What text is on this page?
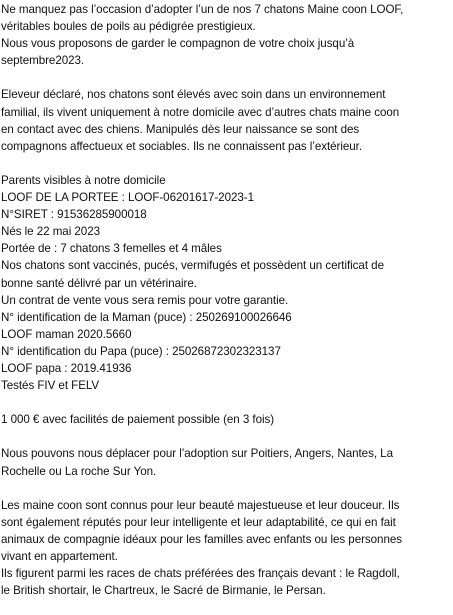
Ne manquez pas l’occasion d’adopter l’un de nos 7 chatons Maine coon LOOF,
véritables boules de poils au pédigrée prestigieux.
Nous vous proposons de garder le compagnon de votre choix jusqu’à
septembre2023.
Eleveur déclaré, nos chatons sont élevés avec soin dans un environnement
familial, ils vivent uniquement à notre domicile avec d’autres chats maine coon
en contact avec des chiens. Manipulés dès leur naissance se sont des
compagnons affectueux et sociables. Ils ne connaissent pas l’extérieur.
Parents visibles à notre domicile
LOOF DE LA PORTEE : LOOF-06201617-2023-1
N°SIRET : 91536285900018
Nés le 22 mai 2023
Portée de : 7 chatons 3 femelles et 4 mâles
Nos chatons sont vaccinés, pucés, vermifugés et possèdent un certificat de
bonne santé délivré par un vétérinaire.
Un contrat de vente vous sera remis pour votre garantie.
N° identification de la Maman (puce) : 250269100026646
LOOF maman 2020.5660
N° identification du Papa (puce) : 25026872302323137
LOOF papa : 2019.41936
Testés FIV et FELV
1 000 € avec facilités de paiement possible (en 3 fois)
Nous pouvons nous déplacer pour l’adoption sur Poitiers, Angers, Nantes, La
Rochelle ou La roche Sur Yon.
Les maine coon sont connus pour leur beauté majestueuse et leur douceur. Ils
sont également réputés pour leur intelligente et leur adaptabilité, ce qui en fait
animaux de compagnie idéaux pour les familles avec enfants ou les personnes
vivant en appartement.
Ils figurent parmi les races de chats préférées des français devant : le Ragdoll,
le British shortair, le Chartreux, le Sacré de Birmanie, le Persan.
